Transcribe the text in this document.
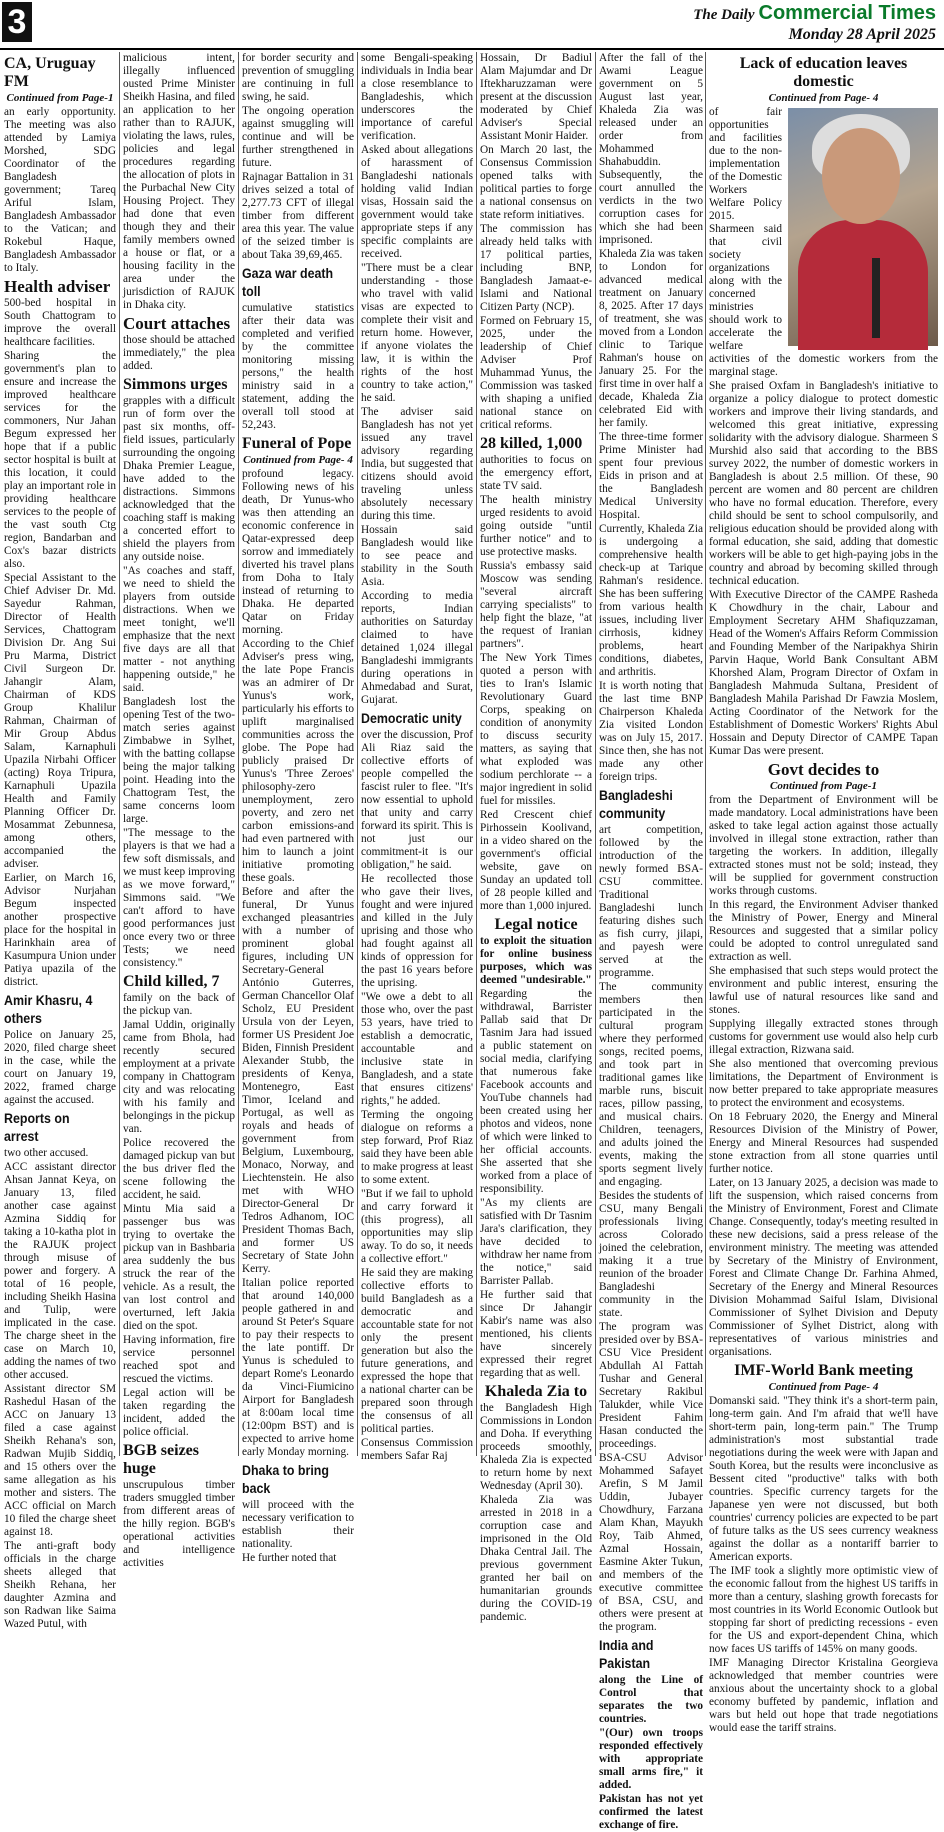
3	The Daily Commercial Times
Monday 28 April 2025
CA, Uruguay FM
Continued from Page-1

an early opportunity. The meeting was also attended by Lamiya Morshed, SDG Coordinator of the Bangladesh government; Tareq Ariful Islam, Bangladesh Ambassador to the Vatican; and Rokebul Haque, Bangladesh Ambassador to Italy.

Health adviser

500-bed hospital in South Chattogram to improve the overall healthcare facilities.

Sharing the government's plan to ensure and increase the improved healthcare services for the commoners, Nur Jahan Begum expressed her hope that if a public sector hospital is built at this location, it could play an important role in providing healthcare services to the people of the vast south Ctg region, Bandarban and Cox's bazar districts also.

Special Assistant to the Chief Adviser Dr. Md. Sayedur Rahman, Director of Health Services, Chattogram Division Dr. Ang Sui Pru Marma, District Civil Surgeon Dr. Jahangir Alam, Chairman of KDS Group Khalilur Rahman, Chairman of Mir Group Abdus Salam, Karnaphuli Upazila Nirbahi Officer (acting) Roya Tripura, Karnaphuli Upazila Health and Family Planning Officer Dr. Mosammat Zebunnesa, among others, accompanied the adviser.

Earlier, on March 16, Advisor Nurjahan Begum inspected another prospective place for the hospital in Harinkhain area of Kasumpura Union under Patiya upazila of the district.

Amir Khasru, 4 others

Police on January 25, 2020, filed charge sheet in the case, while the court on January 19, 2022, framed charge against the accused.

Reports on arrest

two other accused.

ACC assistant director Ahsan Jannat Keya, on January 13, filed another case against Azmina Siddiq for taking a 10-katha plot in the RAJUK project through misuse of power and forgery. A total of 16 people, including Sheikh Hasina and Tulip, were implicated in the case. The charge sheet in the case on March 10, adding the names of two other accused.

Assistant director SM Rashedul Hasan of the ACC on January 13 filed a case against Sheikh Rehana's son, Radwan Mujib Siddiq, and 15 others over the same allegation as his mother and sisters. The ACC official on March 10 filed the charge sheet against 18.

The anti-graft body officials in the charge sheets alleged that Sheikh Rehana, her daughter Azmina and son Radwan like Saima Wazed Putul, with

malicious intent, illegally influenced ousted Prime Minister Sheikh Hasina, and filed an application to her rather than to RAJUK, violating the laws, rules, policies and legal procedures regarding the allocation of plots in the Purbachal New City Housing Project. They had done that even though they and their family members owned a house or flat, or a housing facility in the area under the jurisdiction of RAJUK in Dhaka city.

Court attaches

those should be attached immediately," the plea added.

Simmons urges

grapples with a difficult run of form over the past six months, off-field issues, particularly surrounding the ongoing Dhaka Premier League, have added to the distractions. Simmons acknowledged that the coaching staff is making a concerted effort to shield the players from any outside noise.

"As coaches and staff, we need to shield the players from outside distractions. When we meet tonight, we'll emphasize that the next five days are all that matter - not anything happening outside," he said.

Bangladesh lost the opening Test of the two-match series against Zimbabwe in Sylhet, with the batting collapse being the major talking point. Heading into the Chattogram Test, the same concerns loom large.

"The message to the players is that we had a few soft dismissals, and we must keep improving as we move forward," Simmons said. "We can't afford to have good performances just once every two or three Tests; we need consistency."

Child killed, 7

family on the back of the pickup van.

Jamal Uddin, originally came from Bhola, had recently secured employment at a private company in Chattogram city and was relocating with his family and belongings in the pickup van.

Police recovered the damaged pickup van but the bus driver fled the scene following the accident, he said.

Mintu Mia said a passenger bus was trying to overtake the pickup van in Bashbaria area suddenly the bus struck the rear of the vehicle. As a result, the van lost control and overturned, left Jakia died on the spot.

Having information, fire service personnel reached spot and rescued the victims.

Legal action will be taken regarding the incident, added the police official.

BGB seizes huge

unscrupulous timber traders smuggled timber from different areas of the hilly region. BGB's operational activities and intelligence activities

for border security and prevention of smuggling are continuing in full swing, he said.

The ongoing operation against smuggling will continue and will be further strengthened in future.

Rajnagar Battalion in 31 drives seized a total of 2,277.73 CFT of illegal timber from different area this year. The value of the seized timber is about Taka 39,69,465.

Gaza war death toll

cumulative statistics after their data was completed and verified by the committee monitoring missing persons," the health ministry said in a statement, adding the overall toll stood at 52,243.

Funeral of Pope
Continued from Page- 4

profound legacy. Following news of his death, Dr Yunus-who was then attending an economic conference in Qatar-expressed deep sorrow and immediately diverted his travel plans from Doha to Italy instead of returning to Dhaka. He departed Qatar on Friday morning.

According to the Chief Adviser's press wing, the late Pope Francis was an admirer of Dr Yunus's work, particularly his efforts to uplift marginalised communities across the globe. The Pope had publicly praised Dr Yunus's 'Three Zeroes' philosophy-zero unemployment, zero poverty, and zero net carbon emissions-and had even partnered with him to launch a joint initiative promoting these goals.

Before and after the funeral, Dr Yunus exchanged pleasantries with a number of prominent global figures, including UN Secretary-General António Guterres, German Chancellor Olaf Scholz, EU President Ursula von der Leyen, former US President Joe Biden, Finnish President Alexander Stubb, the presidents of Kenya, Montenegro, East Timor, Iceland and Portugal, as well as royals and heads of government from Belgium, Luxembourg, Monaco, Norway, and Liechtenstein. He also met with WHO Director-General Dr Tedros Adhanom, IOC President Thomas Bach, and former US Secretary of State John Kerry.

Italian police reported that around 140,000 people gathered in and around St Peter's Square to pay their respects to the late pontiff. Dr Yunus is scheduled to depart Rome's Leonardo da Vinci-Fiumicino Airport for Bangladesh at 8:00am local time (12:00pm BST) and is expected to arrive home early Monday morning.

Dhaka to bring back

will proceed with the necessary verification to establish their nationality.

He further noted that

some Bengali-speaking individuals in India bear a close resemblance to Bangladeshis, which underscores the importance of careful verification.

Asked about allegations of harassment of Bangladeshi nationals holding valid Indian visas, Hossain said the government would take appropriate steps if any specific complaints are received.

"There must be a clear understanding - those who travel with valid visas are expected to complete their visit and return home. However, if anyone violates the law, it is within the rights of the host country to take action," he said.

The adviser said Bangladesh has not yet issued any travel advisory regarding India, but suggested that citizens should avoid traveling unless absolutely necessary during this time.

Hossain said Bangladesh would like to see peace and stability in the South Asia.

According to media reports, Indian authorities on Saturday claimed to have detained 1,024 illegal Bangladeshi immigrants during operations in Ahmedabad and Surat, Gujarat.

Democratic unity

over the discussion, Prof Ali Riaz said the collective efforts of people compelled the fascist ruler to flee. "It's now essential to uphold that unity and carry forward its spirit. This is not just our commitment-it is our obligation," he said.

He recollected those who gave their lives, fought and were injured and killed in the July uprising and those who had fought against all kinds of oppression for the past 16 years before the uprising.

"We owe a debt to all those who, over the past 53 years, have tried to establish a democratic, accountable and inclusive state in Bangladesh, and a state that ensures citizens' rights," he added.

Terming the ongoing dialogue on reforms a step forward, Prof Riaz said they have been able to make progress at least to some extent.

"But if we fail to uphold and carry forward it (this progress), all opportunities may slip away. To do so, it needs a collective effort."

He said they are making collective efforts to build Bangladesh as a democratic and accountable state for not only the present generation but also the future generations, and expressed the hope that a national charter can be prepared soon through the consensus of all political parties.

Consensus Commission members Safar Raj

Hossain, Dr Badiul Alam Majumdar and Dr Iftekharuzzaman were present at the discussion moderated by Chief Adviser's Special Assistant Monir Haider.

On March 20 last, the Consensus Commission opened talks with political parties to forge a national consensus on state reform initiatives.

The commission has already held talks with 17 political parties, including BNP, Bangladesh Jamaat-e-Islami and National Citizen Party (NCP).

Formed on February 15, 2025, under the leadership of Chief Adviser Prof Muhammad Yunus, the Commission was tasked with shaping a unified national stance on critical reforms.

28 killed, 1,000

authorities to focus on the emergency effort, state TV said.

The health ministry urged residents to avoid going outside "until further notice" and to use protective masks.

Russia's embassy said Moscow was sending "several aircraft carrying specialists" to help fight the blaze, "at the request of Iranian partners".

The New York Times quoted a person with ties to Iran's Islamic Revolutionary Guard Corps, speaking on condition of anonymity to discuss security matters, as saying that what exploded was sodium perchlorate -- a major ingredient in solid fuel for missiles.

Red Crescent chief Pirhossein Koolivand, in a video shared on the government's official website, gave on Sunday an updated toll of 28 people killed and more than 1,000 injured.

Legal notice

to exploit the situation for online business purposes, which was deemed "undesirable."

Regarding the withdrawal, Barrister Pallab said that Dr Tasnim Jara had issued a public statement on social media, clarifying that numerous fake Facebook accounts and YouTube channels had been created using her photos and videos, none of which were linked to her official accounts. She asserted that she worked from a place of responsibility.

"As my clients are satisfied with Dr Tasnim Jara's clarification, they have decided to withdraw her name from the notice," said Barrister Pallab.

He further said that since Dr Jahangir Kabir's name was also mentioned, his clients have sincerely expressed their regret regarding that as well.

Khaleda Zia to

the Bangladesh High Commissions in London and Doha. If everything proceeds smoothly, Khaleda Zia is expected to return home by next Wednesday (April 30).

Khaleda Zia was arrested in 2018 in a corruption case and imprisoned in the Old Dhaka Central Jail. The previous government granted her bail on humanitarian grounds during the COVID-19 pandemic.

After the fall of the Awami League government on 5 August last year, Khaleda Zia was released under an order from Mohammed Shahabuddin. Subsequently, the court annulled the verdicts in the two corruption cases for which she had been imprisoned.

Khaleda Zia was taken to London for advanced medical treatment on January 8, 2025. After 17 days of treatment, she was moved from a London clinic to Tarique Rahman's house on January 25. For the first time in over half a decade, Khaleda Zia celebrated Eid with her family.

The three-time former Prime Minister had spent four previous Eids in prison and at the Bangladesh Medical University Hospital.

Currently, Khaleda Zia is undergoing a comprehensive health check-up at Tarique Rahman's residence. She has been suffering from various health issues, including liver cirrhosis, kidney problems, heart conditions, diabetes, and arthritis.

It is worth noting that the last time BNP Chairperson Khaleda Zia visited London was on July 15, 2017. Since then, she has not made any other foreign trips.

Bangladeshi community

art competition, followed by the introduction of the newly formed BSA-CSU committee. Traditional Bangladeshi lunch featuring dishes such as fish curry, jilapi, and payesh were served at the programme.

The community members then participated in the cultural program where they performed songs, recited poems, and took part in traditional games like marble runs, biscuit races, pillow passing, and musical chairs. Children, teenagers, and adults joined the events, making the sports segment lively and engaging.

Besides the students of CSU, many Bengali professionals living across Colorado joined the celebration, making it a true reunion of the broader Bangladeshi community in the state.

The program was presided over by BSA-CSU Vice President Abdullah Al Fattah Tushar and General Secretary Rakibul Talukder, while Vice President Fahim Hasan conducted the proceedings.

BSA-CSU Advisor Mohammed Safayet Arefin, S M Jamil Uddin, Jubayer Chowdhury, Farzana Alam Khan, Mayukh Roy, Taib Ahmed, Azmal Hossain, Easmine Akter Tukun, and members of the executive committee of BSA, CSU, and others were present at the program.

India and Pakistan

along the Line of Control that separates the two countries.

"(Our) own troops responded effectively with appropriate small arms fire," it added.

Pakistan has not yet confirmed the latest exchange of fire.

Lack of education leaves domestic
Continued from Page- 4

of fair opportunities and facilities due to the non-implementation of the Domestic Workers Welfare Policy 2015. Sharmeen said that civil society organizations along with the concerned ministries should work to accelerate the welfare activities of the domestic workers from the marginal stage.

She praised Oxfam in Bangladesh's initiative to organize a policy dialogue to protect domestic workers and improve their living standards, and welcomed this great initiative, expressing solidarity with the advisory dialogue. Sharmeen S Murshid also said that according to the BBS survey 2022, the number of domestic workers in Bangladesh is about 2.5 million. Of these, 90 percent are women and 80 percent are children who have no formal education. Therefore, every child should be sent to school compulsorily, and religious education should be provided along with formal education, she said, adding that domestic workers will be able to get high-paying jobs in the country and abroad by becoming skilled through technical education.

With Executive Director of the CAMPE Rasheda K Chowdhury in the chair, Labour and Employment Secretary AHM Shafiquzzaman, Head of the Women's Affairs Reform Commission and Founding Member of the Naripakhya Shirin Parvin Haque, World Bank Consultant ABM Khorshed Alam, Program Director of Oxfam in Bangladesh Mahmuda Sultana, President of Bangladesh Mahila Parishad Dr Fawzia Moslem, Acting Coordinator of the Network for the Establishment of Domestic Workers' Rights Abul Hossain and Deputy Director of CAMPE Tapan Kumar Das were present.

Govt decides to
Continued from Page-1

from the Department of Environment will be made mandatory. Local administrations have been asked to take legal action against those actually involved in illegal stone extraction, rather than targeting the workers. In addition, illegally extracted stones must not be sold; instead, they will be supplied for government construction works through customs.

In this regard, the Environment Adviser thanked the Ministry of Power, Energy and Mineral Resources and suggested that a similar policy could be adopted to control unregulated sand extraction as well.

She emphasised that such steps would protect the environment and public interest, ensuring the lawful use of natural resources like sand and stones.

Supplying illegally extracted stones through customs for government use would also help curb illegal extraction, Rizwana said.

She also mentioned that overcoming previous limitations, the Department of Environment is now better prepared to take appropriate measures to protect the environment and ecosystems.

On 18 February 2020, the Energy and Mineral Resources Division of the Ministry of Power, Energy and Mineral Resources had suspended stone extraction from all stone quarries until further notice.

Later, on 13 January 2025, a decision was made to lift the suspension, which raised concerns from the Ministry of Environment, Forest and Climate Change. Consequently, today's meeting resulted in these new decisions, said a press release of the environment ministry. The meeting was attended by Secretary of the Ministry of Environment, Forest and Climate Change Dr. Farhina Ahmed, Secretary of the Energy and Mineral Resources Division Mohammad Saiful Islam, Divisional Commissioner of Sylhet Division and Deputy Commissioner of Sylhet District, along with representatives of various ministries and organisations.

IMF-World Bank meeting
Continued from Page- 4

Domanski said. "They think it's a short-term pain, long-term gain. And I'm afraid that we'll have short-term pain, long-term pain." The Trump administration's most substantial trade negotiations during the week were with Japan and South Korea, but the results were inconclusive as Bessent cited "productive" talks with both countries. Specific currency targets for the Japanese yen were not discussed, but both countries' currency policies are expected to be part of future talks as the US sees currency weakness against the dollar as a nontariff barrier to American exports.

The IMF took a slightly more optimistic view of the economic fallout from the highest US tariffs in more than a century, slashing growth forecasts for most countries in its World Economic Outlook but stopping far short of predicting recessions - even for the US and export-dependent China, which now faces US tariffs of 145% on many goods.

IMF Managing Director Kristalina Georgieva acknowledged that member countries were anxious about the uncertainty shock to a global economy buffeted by pandemic, inflation and wars but held out hope that trade negotiations would ease the tariff strains.
